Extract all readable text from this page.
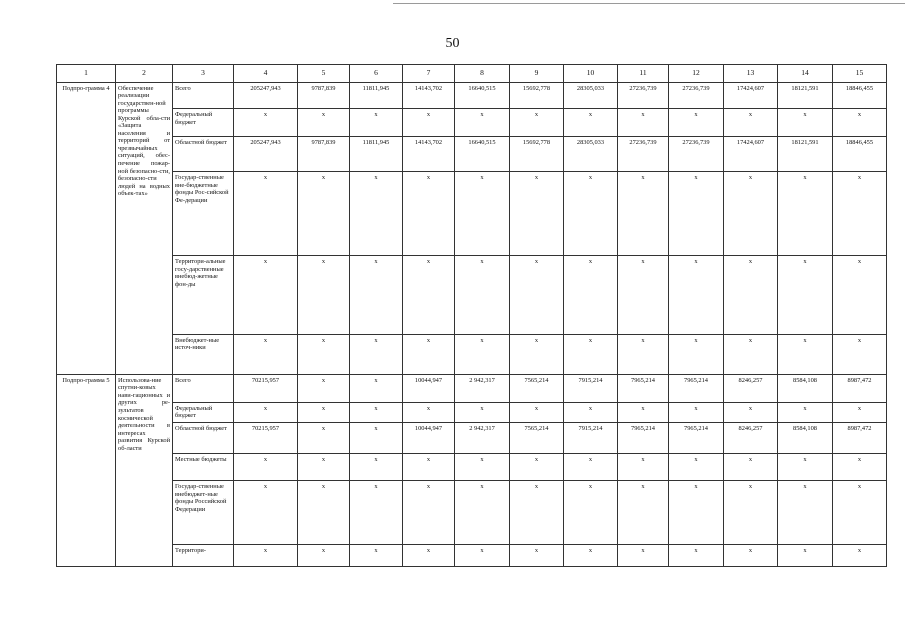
50
1	2	3	4	5	6	7	8	9	10	11	12	13	14	15
Подпро-грамма 4	Обеспечение реализации государствен-ной программы Курской обла-сти «Защита населения и территорий от чрезвычайных ситуаций, обес-печение пожар-ной безопасно-сти, безопасно-сти людей на водных объек-тах»	Всего	205247,943	9787,839	11811,945	14143,702	16640,515	15692,778	28305,033	27236,739	27236,739	17424,607	18121,591	18846,455
		Федеральный бюджет	x	x	x	x	x	x	x	x	x	x	x	x
		Областной бюджет	205247,943	9787,839	11811,945	14143,702	16640,515	15692,778	28305,033	27236,739	27236,739	17424,607	18121,591	18846,455
		Государ-ственные вне-бюджетные фонды Рос-сийской Фе-дерации	x	x	x	x	x	x	x	x	x	x	x	x
		Территори-альные госу-дарственные внебюд-жетные фон-ды	x	x	x	x	x	x	x	x	x	x	x	x
		Внебюджет-ные источ-ники	x	x	x	x	x	x	x	x	x	x	x	x
Подпро-грамма 5	Использова-ние спутни-ковых нави-гационных и других ре-зультатов космической деятельности в интересах развития Курской об-ласти	Всего	70215,957	x	x	10044,947	2 942,317	7565,214	7915,214	7965,214	7965,214	8246,257	8584,108	8987,472
		Федеральный бюджет	x	x	x	x	x	x	x	x	x	x	x	x
		Областной бюджет	70215,957	x	x	10044,947	2 942,317	7565,214	7915,214	7965,214	7965,214	8246,257	8584,108	8987,472
		Местные бюджеты	x	x	x	x	x	x	x	x	x	x	x	x
		Государ-ственные внебюджет-ные фонды Российской Федерации	x	x	x	x	x	x	x	x	x	x	x	x
		Территори-	x	x	x	x	x	x	x	x	x	x	x	x
